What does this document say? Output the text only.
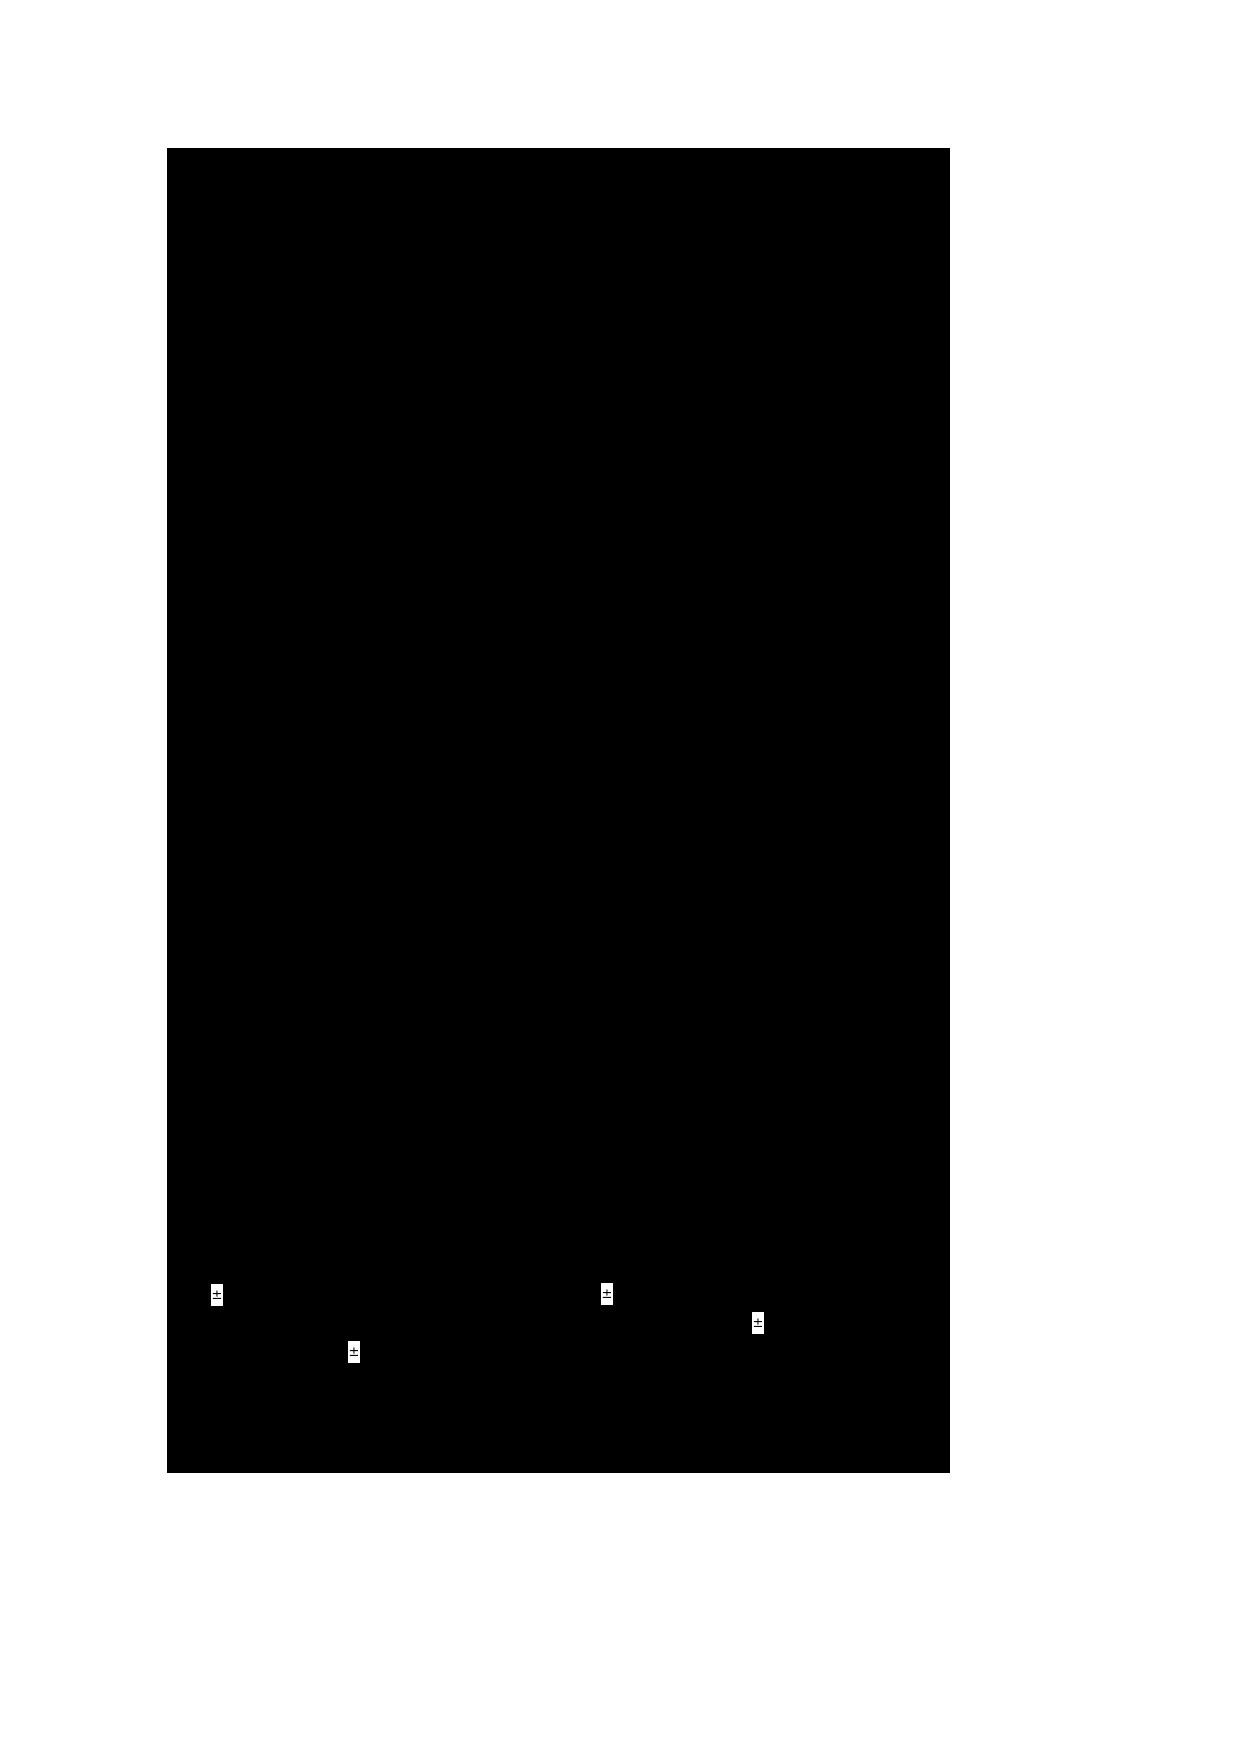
±	±
±
±
